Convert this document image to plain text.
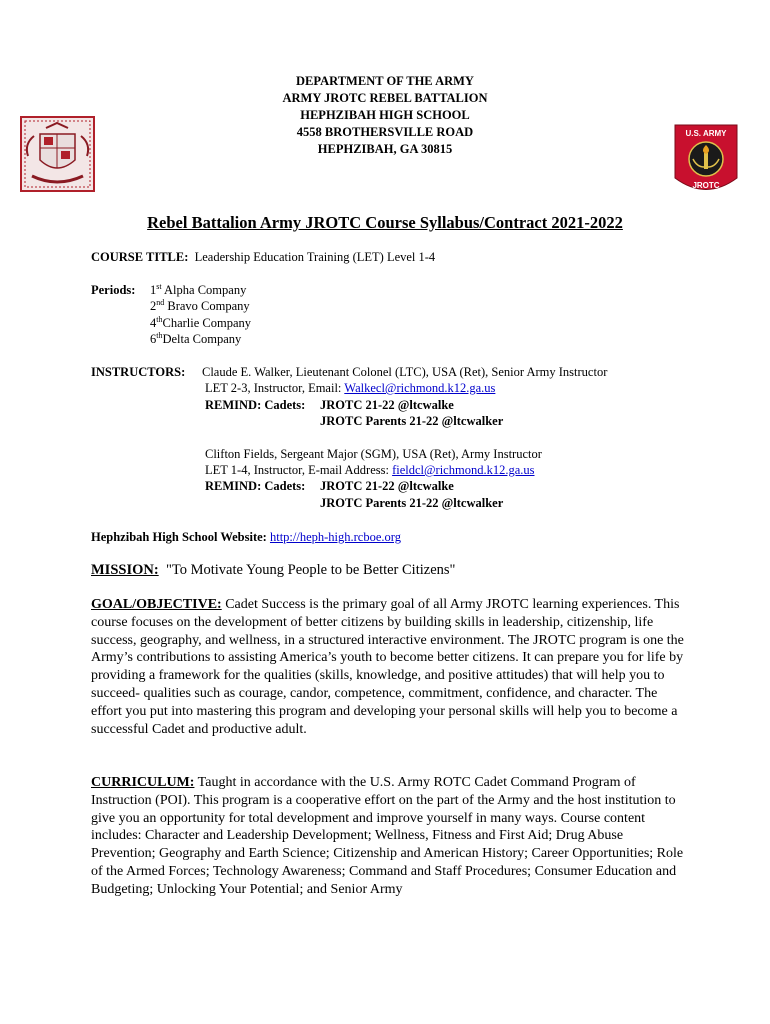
DEPARTMENT OF THE ARMY
ARMY JROTC REBEL BATTALION
HEPHZIBAH HIGH SCHOOL
4558 BROTHERSVILLE ROAD
HEPHZIBAH, GA 30815
U.S. ARMY
JROTC
Rebel Battalion Army JROTC Course Syllabus/Contract 2021-2022
COURSE TITLE: Leadership Education Training (LET) Level 1-4
Periods: 1st Alpha Company
2nd Bravo Company
4thCharlie Company
6thDelta Company
INSTRUCTORS: Claude E. Walker, Lieutenant Colonel (LTC), USA (Ret), Senior Army Instructor
LET 2-3, Instructor, Email: Walkecl@richmond.k12.ga.us
REMIND: Cadets: JROTC 21-22 @ltcwalke
JROTC Parents 21-22 @ltcwalker
Clifton Fields, Sergeant Major (SGM), USA (Ret), Army Instructor
LET 1-4, Instructor, E-mail Address: fieldcl@richmond.k12.ga.us
REMIND: Cadets: JROTC 21-22 @ltcwalke
JROTC Parents 21-22 @ltcwalker
Hephzibah High School Website: http://heph-high.rcboe.org
MISSION: "To Motivate Young People to be Better Citizens"
GOAL/OBJECTIVE: Cadet Success is the primary goal of all Army JROTC learning experiences. This course focuses on the development of better citizens by building skills in leadership, citizenship, life success, geography, and wellness, in a structured interactive environment. The JROTC program is one the Army’s contributions to assisting America’s youth to become better citizens. It can prepare you for life by providing a framework for the qualities (skills, knowledge, and positive attitudes) that will help you to succeed- qualities such as courage, candor, competence, commitment, confidence, and character. The effort you put into mastering this program and developing your personal skills will help you to become a successful Cadet and productive adult.
CURRICULUM: Taught in accordance with the U.S. Army ROTC Cadet Command Program of Instruction (POI). This program is a cooperative effort on the part of the Army and the host institution to give you an opportunity for total development and improve yourself in many ways. Course content includes: Character and Leadership Development; Wellness, Fitness and First Aid; Drug Abuse Prevention; Geography and Earth Science; Citizenship and American History; Career Opportunities; Role of the Armed Forces; Technology Awareness; Command and Staff Procedures; Consumer Education and Budgeting; Unlocking Your Potential; and Senior Army
